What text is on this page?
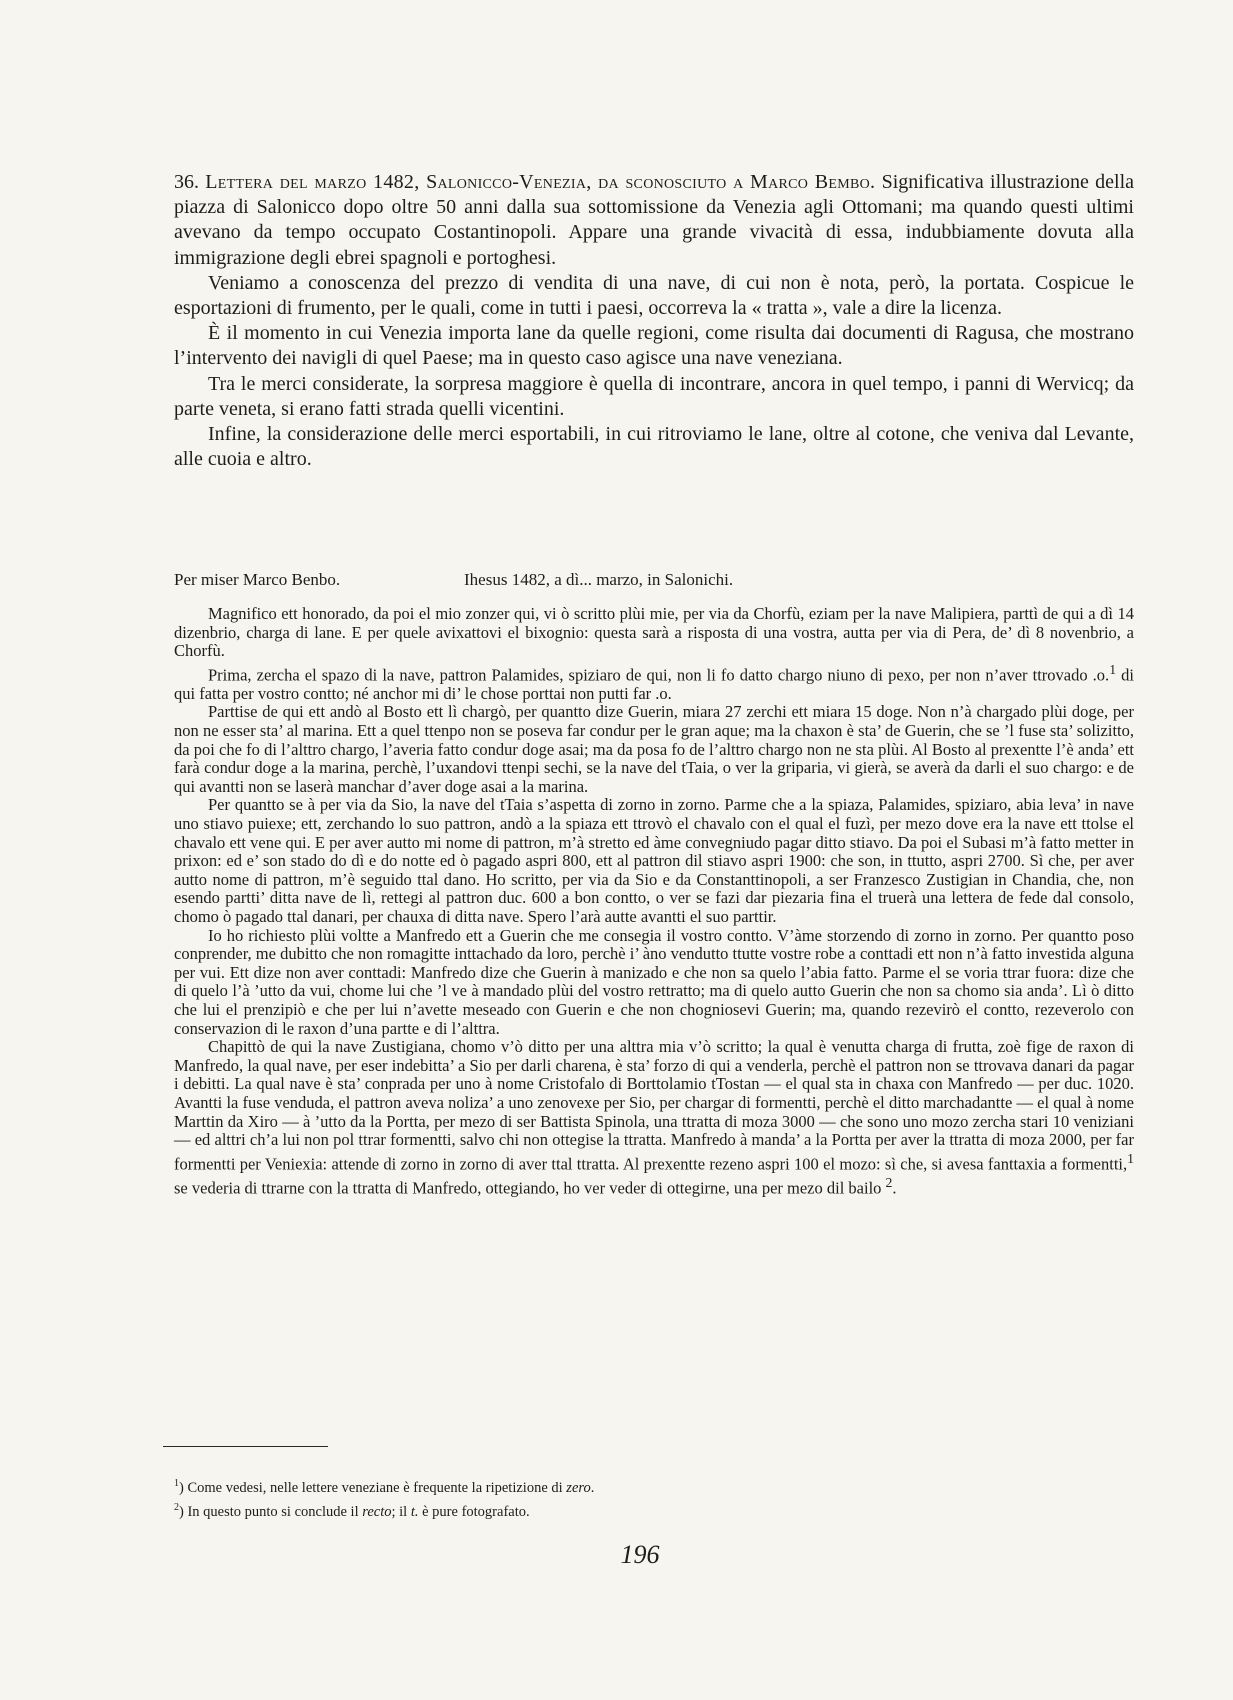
36. Lettera del marzo 1482, Salonicco-Venezia, da sconosciuto a Marco Bembo. Significativa illustrazione della piazza di Salonicco dopo oltre 50 anni dalla sua sottomissione da Venezia agli Ottomani; ma quando questi ultimi avevano da tempo occupato Costantinopoli. Appare una grande vivacità di essa, indubbiamente dovuta alla immigrazione degli ebrei spagnoli e portoghesi.

Veniamo a conoscenza del prezzo di vendita di una nave, di cui non è nota, però, la portata. Cospicue le esportazioni di frumento, per le quali, come in tutti i paesi, occorreva la « tratta », vale a dire la licenza.

È il momento in cui Venezia importa lane da quelle regioni, come risulta dai documenti di Ragusa, che mostrano l’intervento dei navigli di quel Paese; ma in questo caso agisce una nave veneziana.

Tra le merci considerate, la sorpresa maggiore è quella di incontrare, ancora in quel tempo, i panni di Wervicq; da parte veneta, si erano fatti strada quelli vicentini.

Infine, la considerazione delle merci esportabili, in cui ritroviamo le lane, oltre al cotone, che veniva dal Levante, alle cuoia e altro.

Per miser Marco Benbo.	Ihesus 1482, a dì... marzo, in Salonichi.

Magnifico ett honorado, da poi el mio zonzer qui, vi ò scritto plùi mie, per via da Chorfù, eziam per la nave Malipiera, parttì de qui a dì 14 dizenbrio, charga di lane. E per quele avixattovi el bixognio: questa sarà a risposta di una vostra, autta per via di Pera, de’ dì 8 novenbrio, a Chorfù.

Prima, zercha el spazo di la nave, pattron Palamides, spiziaro de qui, non li fo datto chargo niuno di pexo, per non n’aver ttrovado .o.$^1$ di qui fatta per vostro contto; né anchor mi di’ le chose porttai non putti far .o.

Parttise de qui ett andò al Bosto ett lì chargò, per quantto dize Guerin, miara 27 zerchi ett miara 15 doge. Non n’à chargado plùi doge, per non ne esser sta’ al marina. Ett a quel ttenpo non se poseva far condur per le gran aque; ma la chaxon è sta’ de Guerin, che se ’l fuse sta’ solizitto, da poi che fo di l’alttro chargo, l’averia fatto condur doge asai; ma da posa fo de l’alttro chargo non ne sta plùi. Al Bosto al prexentte l’è anda’ ett farà condur doge a la marina, perchè, l’uxandovi ttenpi sechi, se la nave del tTaia, o ver la griparia, vi gierà, se averà da darli el suo chargo: e de qui avantti non se laserà manchar d’aver doge asai a la marina.

Per quantto se à per via da Sio, la nave del tTaia s’aspetta di zorno in zorno. Parme che a la spiaza, Palamides, spiziaro, abia leva’ in nave uno stiavo puiexe; ett, zerchando lo suo pattron, andò a la spiaza ett ttrovò el chavalo con el qual el fuzì, per mezo dove era la nave ett ttolse el chavalo ett vene qui. E per aver autto mi nome di pattron, m’à stretto ed àme convegniudo pagar ditto stiavo. Da poi el Subasi m’à fatto metter in prixon: ed e’ son stado do dì e do notte ed ò pagado aspri 800, ett al pattron dil stiavo aspri 1900: che son, in ttutto, aspri 2700. Sì che, per aver autto nome di pattron, m’è seguido ttal dano. Ho scritto, per via da Sio e da Constanttinopoli, a ser Franzesco Zustigian in Chandia, che, non esendo partti’ ditta nave de lì, rettegi al pattron duc. 600 a bon contto, o ver se fazi dar piezaria fina el truerà una lettera de fede dal consolo, chomo ò pagado ttal danari, per chauxa di ditta nave. Spero l’arà autte avantti el suo parttir.

Io ho richiesto plùi voltte a Manfredo ett a Guerin che me consegia il vostro contto. V’àme storzendo di zorno in zorno. Per quantto poso conprender, me dubitto che non romagitte inttachado da loro, perchè i’ àno vendutto ttutte vostre robe a conttadi ett non n’à fatto investida alguna per vui. Ett dize non aver conttadi: Manfredo dize che Guerin à manizado e che non sa quelo l’abia fatto. Parme el se voria ttrar fuora: dize che di quelo l’à ’utto da vui, chome lui che ’l ve à mandado plùi del vostro rettratto; ma di quelo autto Guerin che non sa chomo sia anda’. Lì ò ditto che lui el prenzipiò e che per lui n’avette meseado con Guerin e che non chogniosevi Guerin; ma, quando rezevirò el contto, rezeverolo con conservazion di le raxon d’una partte e di l’alttra.

Chapittò de qui la nave Zustigiana, chomo v’ò ditto per una alttra mia v’ò scritto; la qual è venutta charga di frutta, zoè fige de raxon di Manfredo, la qual nave, per eser indebitta’ a Sio per darli charena, è sta’ forzo di qui a venderla, perchè el pattron non se ttrovava danari da pagar i debitti. La qual nave è sta’ conprada per uno à nome Cristofalo di Borttolamio tTostan — el qual sta in chaxa con Manfredo — per duc. 1020. Avantti la fuse venduda, el pattron aveva noliza’ a uno zenovexe per Sio, per chargar di formentti, perchè el ditto marchadantte — el qual à nome Marttin da Xiro — à ’utto da la Portta, per mezo di ser Battista Spinola, una ttratta di moza 3000 — che sono uno mozo zercha stari 10 veniziani — ed alttri ch’a lui non pol ttrar formentti, salvo chi non ottegise la ttratta. Manfredo à manda’ a la Portta per aver la ttratta di moza 2000, per far formentti per Veniexia: attende di zorno in zorno di aver ttal ttratta. Al prexentte rezeno aspri 100 el mozo: sì che, si avesa fanttaxia a formentti,$^1$ se vederia di ttrarne con la ttratta di Manfredo, ottegiando, ho ver veder di ottegirne, una per mezo dil bailo $^2$.

$^1$) Come vedesi, nelle lettere veneziane è frequente la ripetizione di zero.

$^2$) In questo punto si conclude il recto; il t. è pure fotografato.

196
